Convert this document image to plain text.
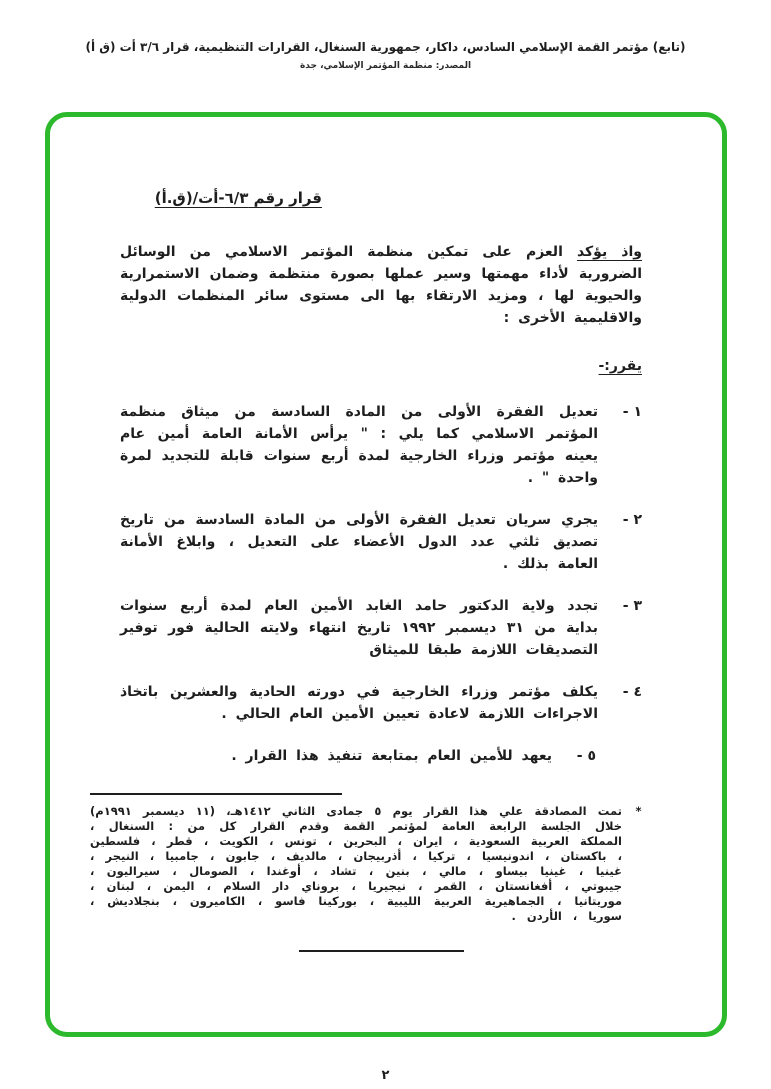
(تابع) مؤتمر القمة الإسلامي السادس، داكار، جمهورية السنغال، القرارات التنظيمية، قرار ٣/٦ أت (ق أ)
المصدر: منظمة المؤتمر الإسلامي، جدة
قرار رقم ٦/٣-أت/(ق.أ)

واذ يؤكد العزم على تمكين منظمة المؤتمر الاسلامي من الوسائل الضرورية لأداء مهمتها وسير عملها بصورة منتظمة وضمان الاستمرارية والحيوية لها ، ومزيد الارتقاء بها الى مستوى سائر المنظمات الدولية والاقليمية الأخرى :

يقرر:-
١ -
تعديل الفقرة الأولى من المادة السادسة من ميثاق منظمة المؤتمر الاسلامي كما يلي : " يرأس الأمانة العامة أمين عام يعينه مؤتمر وزراء الخارجية لمدة أربع سنوات قابلة للتجديد لمرة واحدة " .
٢ -
يجري سريان تعديل الفقرة الأولى من المادة السادسة من تاريخ تصديق ثلثي عدد الدول الأعضاء على التعديل ، وابلاغ الأمانة العامة بذلك .
٣ -
تجدد ولاية الدكتور حامد الغابد الأمين العام لمدة أربع سنوات بداية من ٣١ ديسمبر ١٩٩٢ تاريخ انتهاء ولايته الحالية فور توفير التصديقات اللازمة طبقا للميثاق
٤ -
يكلف مؤتمر وزراء الخارجية في دورته الحادية والعشرين باتخاذ الاجراءات اللازمة لاعادة تعيين الأمين العام الحالي .
٥ -
يعهد للأمين العام بمتابعة تنفيذ هذا القرار .
*
تمت المصادقة علي هذا القرار يوم ٥ جمادى الثاني ١٤١٢هـ، (١١ ديسمبر ١٩٩١م) خلال الجلسة الرابعة العامة لمؤتمر القمة وقدم القرار كل من : السنغال ، المملكة العربية السعودية ، ايران ، البحرين ، تونس ، الكويت ، قطر ، فلسطين ، باكستان ، اندونيسيا ، تركيا ، أذربيجان ، مالديف ، جابون ، جامبيا ، النيجر ، غينيا ، غينيا بيساو ، مالي ، بنين ، تشاد ، أوغندا ، الصومال ، سيراليون ، جيبوتي ، أفغانستان ، القمر ، نيجيريا ، بروناي دار السلام ، اليمن ، لبنان ، موريتانيا ، الجماهيرية العربية الليبية ، بوركينا فاسو ، الكاميرون ، بنجلاديش ، سوريا ، الأردن .
٢
